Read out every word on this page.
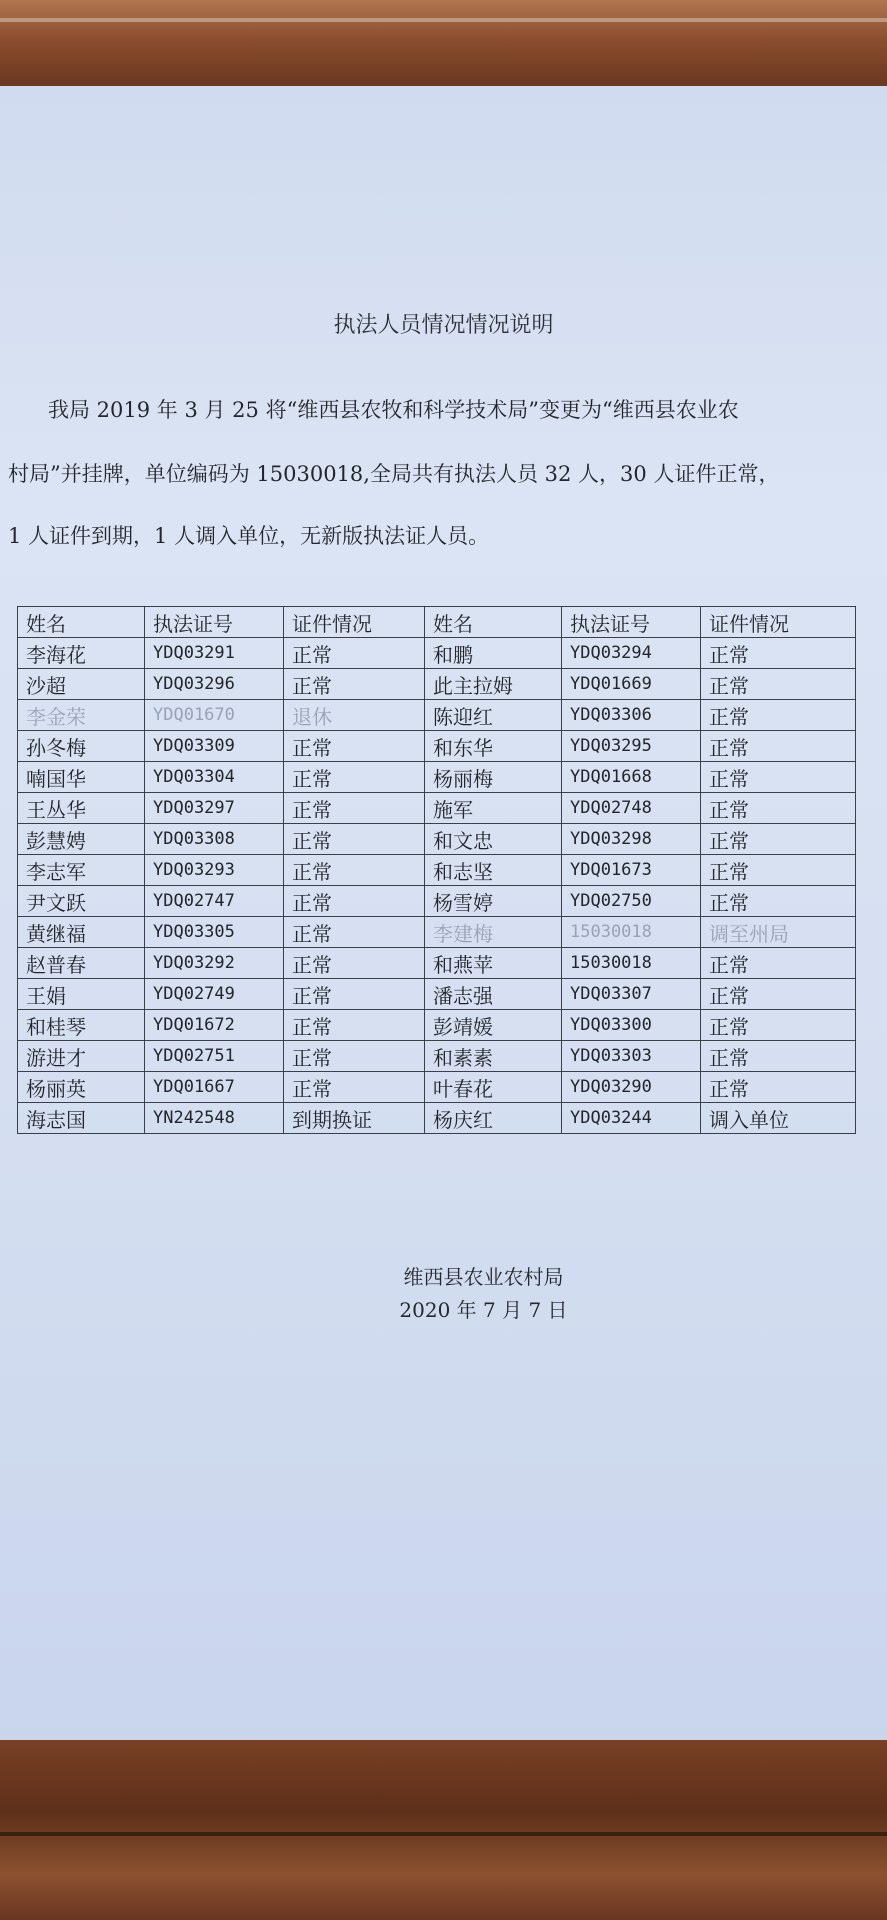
执法人员情况情况说明
我局 2019 年 3 月 25 将“维西县农牧和科学技术局”变更为“维西县农业农
村局”并挂牌，单位编码为 15030018,全局共有执法人员 32 人，30 人证件正常，
1 人证件到期，1 人调入单位，无新版执法证人员。
姓名	执法证号	证件情况	姓名	执法证号	证件情况
李海花	YDQ03291	正常	和鹏	YDQ03294	正常
沙超	YDQ03296	正常	此主拉姆	YDQ01669	正常
李金荣	YDQ01670	退休	陈迎红	YDQ03306	正常
孙冬梅	YDQ03309	正常	和东华	YDQ03295	正常
喃国华	YDQ03304	正常	杨丽梅	YDQ01668	正常
王丛华	YDQ03297	正常	施军	YDQ02748	正常
彭慧娉	YDQ03308	正常	和文忠	YDQ03298	正常
李志军	YDQ03293	正常	和志坚	YDQ01673	正常
尹文跃	YDQ02747	正常	杨雪婷	YDQ02750	正常
黄继福	YDQ03305	正常	李建梅	15030018	调至州局
赵普春	YDQ03292	正常	和燕苹	15030018	正常
王娟	YDQ02749	正常	潘志强	YDQ03307	正常
和桂琴	YDQ01672	正常	彭靖媛	YDQ03300	正常
游进才	YDQ02751	正常	和素素	YDQ03303	正常
杨丽英	YDQ01667	正常	叶春花	YDQ03290	正常
海志国	YN242548	到期换证	杨庆红	YDQ03244	调入单位
维西县农业农村局
2020 年 7 月 7 日
